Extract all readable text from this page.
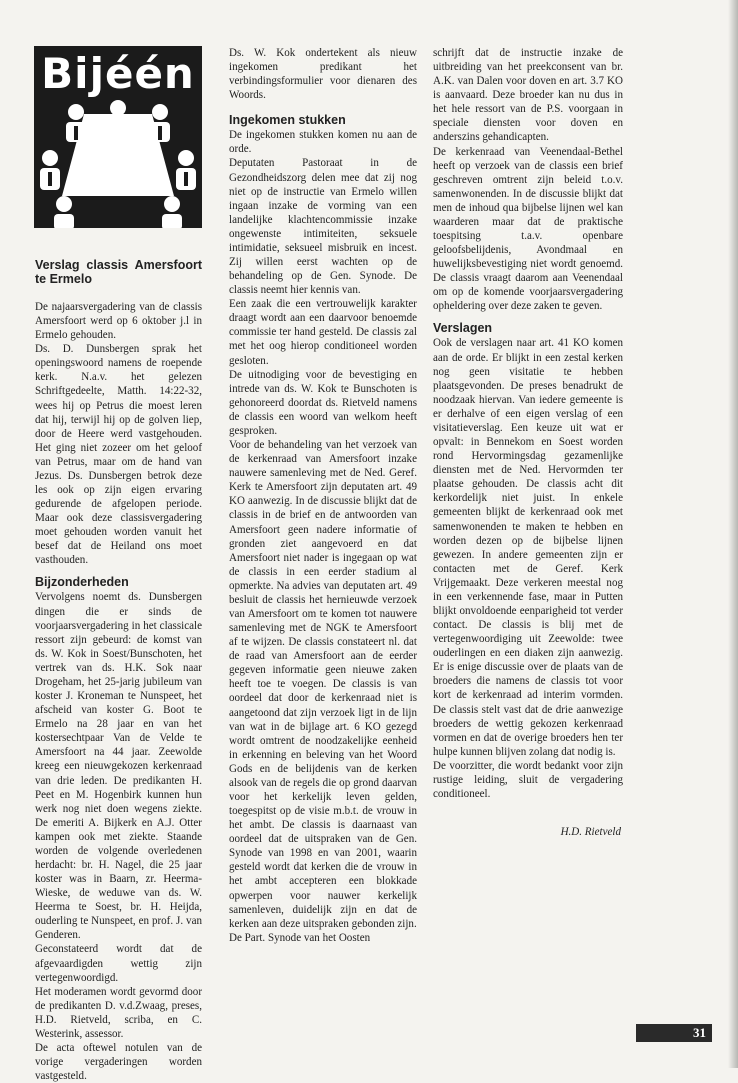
Bijéén
Verslag classis Amersfoort te Ermelo

De najaarsvergadering van de classis Amersfoort werd op 6 oktober j.l in Ermelo gehouden.

Ds. D. Dunsbergen sprak het openingswoord namens de roepende kerk. N.a.v. het gelezen Schriftgedeelte, Matth. 14:22-32, wees hij op Petrus die moest leren dat hij, terwijl hij op de golven liep, door de Heere werd vastgehouden. Het ging niet zozeer om het geloof van Petrus, maar om de hand van Jezus. Ds. Dunsbergen betrok deze les ook op zijn eigen ervaring gedurende de afgelopen periode. Maar ook deze classisvergadering moet gehouden worden vanuit het besef dat de Heiland ons moet vasthouden.

Bijzonderheden

Vervolgens noemt ds. Dunsbergen dingen die er sinds de voorjaarsvergadering in het classicale ressort zijn gebeurd: de komst van ds. W. Kok in Soest/Bunschoten, het vertrek van ds. H.K. Sok naar Drogeham, het 25-jarig jubileum van koster J. Kroneman te Nunspeet, het afscheid van koster G. Boot te Ermelo na 28 jaar en van het kostersechtpaar Van de Velde te Amersfoort na 44 jaar. Zeewolde kreeg een nieuwgekozen kerkenraad van drie leden. De predikanten H. Peet en M. Hogenbirk kunnen hun werk nog niet doen wegens ziekte. De emeriti A. Bijkerk en A.J. Otter kampen ook met ziekte. Staande worden de volgende overledenen herdacht: br. H. Nagel, die 25 jaar koster was in Baarn, zr. Heerma-Wieske, de weduwe van ds. W. Heerma te Soest, br. H. Heijda, ouderling te Nunspeet, en prof. J. van Genderen.

Geconstateerd wordt dat de afgevaardigden wettig zijn vertegenwoordigd.

Het moderamen wordt gevormd door de predikanten D. v.d.Zwaag, preses, H.D. Rietveld, scriba, en C. Westerink, assessor.

De acta oftewel notulen van de vorige vergaderingen worden vastgesteld.

Ds. W. Kok ondertekent als nieuw ingekomen predikant het verbindingsformulier voor dienaren des Woords.

Ingekomen stukken

De ingekomen stukken komen nu aan de orde.

Deputaten Pastoraat in de Gezondheidszorg delen mee dat zij nog niet op de instructie van Ermelo willen ingaan inzake de vorming van een landelijke klachtencommissie inzake ongewenste intimiteiten, seksuele intimidatie, seksueel misbruik en incest. Zij willen eerst wachten op de behandeling op de Gen. Synode. De classis neemt hier kennis van.

Een zaak die een vertrouwelijk karakter draagt wordt aan een daarvoor benoemde commissie ter hand gesteld. De classis zal met het oog hierop conditioneel worden gesloten.

De uitnodiging voor de bevestiging en intrede van ds. W. Kok te Bunschoten is gehonoreerd doordat ds. Rietveld namens de classis een woord van welkom heeft gesproken.

Voor de behandeling van het verzoek van de kerkenraad van Amersfoort inzake nauwere samenleving met de Ned. Geref. Kerk te Amersfoort zijn deputaten art. 49 KO aanwezig. In de discussie blijkt dat de classis in de brief en de antwoorden van Amersfoort geen nadere informatie of gronden ziet aangevoerd en dat Amersfoort niet nader is ingegaan op wat de classis in een eerder stadium al opmerkte. Na advies van deputaten art. 49 besluit de classis het hernieuwde verzoek van Amersfoort om te komen tot nauwere samenleving met de NGK te Amersfoort af te wijzen. De classis constateert nl. dat de raad van Amersfoort aan de eerder gegeven informatie geen nieuwe zaken heeft toe te voegen. De classis is van oordeel dat door de kerkenraad niet is aangetoond dat zijn verzoek ligt in de lijn van wat in de bijlage art. 6 KO gezegd wordt omtrent de noodzakelijke eenheid in erkenning en beleving van het Woord Gods en de belijdenis van de kerken alsook van de regels die op grond daarvan voor het kerkelijk leven gelden, toegespitst op de visie m.b.t. de vrouw in het ambt. De classis is daarnaast van oordeel dat de uitspraken van de Gen. Synode van 1998 en van 2001, waarin gesteld wordt dat kerken die de vrouw in het ambt accepteren een blokkade opwerpen voor nauwer kerkelijk samenleven, duidelijk zijn en dat de kerken aan deze uitspraken gebonden zijn.

De Part. Synode van het Oosten

schrijft dat de instructie inzake de uitbreiding van het preekconsent van br. A.K. van Dalen voor doven en art. 3.7 KO is aanvaard. Deze broeder kan nu dus in het hele ressort van de P.S. voorgaan in speciale diensten voor doven en anderszins gehandicapten.

De kerkenraad van Veenendaal-Bethel heeft op verzoek van de classis een brief geschreven omtrent zijn beleid t.o.v. samenwonenden. In de discussie blijkt dat men de inhoud qua bijbelse lijnen wel kan waarderen maar dat de praktische toespitsing t.a.v. openbare geloofsbelijdenis, Avondmaal en huwelijksbevestiging niet wordt genoemd. De classis vraagt daarom aan Veenendaal om op de komende voorjaarsvergadering opheldering over deze zaken te geven.

Verslagen

Ook de verslagen naar art. 41 KO komen aan de orde. Er blijkt in een zestal kerken nog geen visitatie te hebben plaatsgevonden. De preses benadrukt de noodzaak hiervan. Van iedere gemeente is er derhalve of een eigen verslag of een visitatieverslag. Een keuze uit wat er opvalt: in Bennekom en Soest worden rond Hervormingsdag gezamenlijke diensten met de Ned. Hervormden ter plaatse gehouden. De classis acht dit kerkordelijk niet juist. In enkele gemeenten blijkt de kerkenraad ook met samenwonenden te maken te hebben en worden dezen op de bijbelse lijnen gewezen. In andere gemeenten zijn er contacten met de Geref. Kerk Vrijgemaakt. Deze verkeren meestal nog in een verkennende fase, maar in Putten blijkt onvoldoende eenparigheid tot verder contact. De classis is blij met de vertegenwoordiging uit Zeewolde: twee ouderlingen en een diaken zijn aanwezig. Er is enige discussie over de plaats van de broeders die namens de classis tot voor kort de kerkenraad ad interim vormden. De classis stelt vast dat de drie aanwezige broeders de wettig gekozen kerkenraad vormen en dat de overige broeders hen ter hulpe kunnen blijven zolang dat nodig is.

De voorzitter, die wordt bedankt voor zijn rustige leiding, sluit de vergadering conditioneel.

H.D. Rietveld

31
